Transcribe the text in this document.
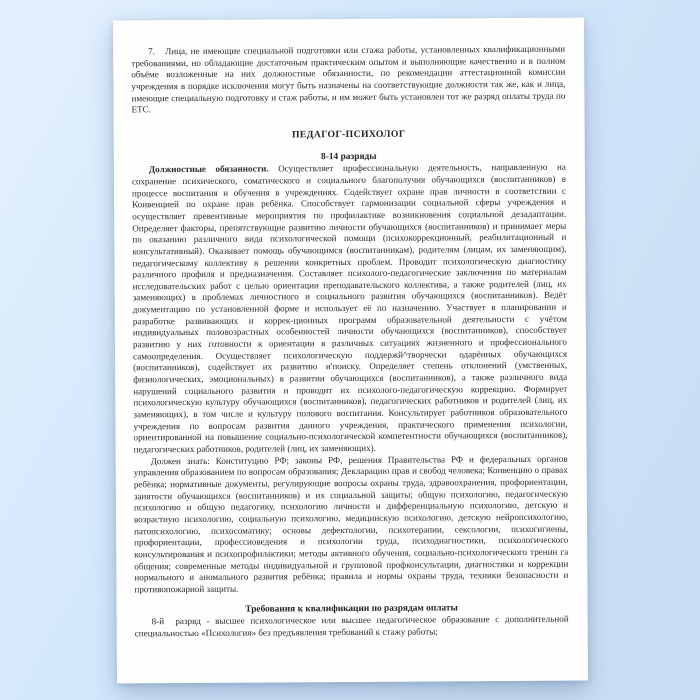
7.   Лица, не имеющие специальной подготовки или стажа работы, установленных квалификационными требованиями, но обладающие достаточным практическим опытом и выполняющие качественно и в полном объёме возложенные на них должностные обязанности, по рекомендации аттестационной комиссии учреждения в порядке исключения могут быть назначены на соответствующие должности так же, как и лица, имеющие специальную подготовку и стаж работы, и им может быть установлен тот же разряд оплаты труда по ЕТС.

ПЕДАГОГ-ПСИХОЛОГ
8-14 разряды

Должностные обязанности. Осуществляет профессиональную деятельность, направленную на сохранение психического, соматического и социального благополучия обучающихся (воспитанников) в процессе воспитания и обучения в учреждениях. Содействует охране прав личности в соответствии с Конвенцией по охране прав ребёнка. Способствует гармонизации социальной сферы учреждения и осуществляет превентивные мероприятия по профилактике возникновения социальной дезадаптации. Определяет факторы, препятствующие развитию личности обучающихся (воспитанников) и принимает меры по оказанию различного вида психологической помощи (психокоррекционный, реабилитационный и консультативный). Оказывает помощь обучающимся (воспитанникам), родителям (лицам, их заменяющим), педагогическому коллективу в решении конкретных проблем. Проводит психологическую диагностику различного профиля и предназначения. Составляет психолого-педагогические заключения по материалам исследовательских работ с целью ориентации преподавательского коллектива, а также родителей (лиц, их заменяющих) в проблемах личностного и социального развития обучающихся (воспитанников). Ведёт документацию по установленной форме и использует её по назначению. Участвует в планировании и разработке развивающих и коррек-ционных программ образовательной деятельности с учётом индивидуальных половозрастных особенностей личности обучающихся (воспитанников), способствует развитию у них готовности к ориентации в различных ситуациях жизненного и профессионального самоопределения. Осуществляет психологическую поддержй^творчески одарённых обучающихся (воспитанников), содействует их развитию и'поиску. Определяет степень отклонений (умственных, физиологических, эмоциональных) в развитии обучающихся (воспитанников), а также различного вида нарушений социального развития и проводит их психолого-педагогическую коррекцию. Формирует психологическую культуру обучающихся (воспитанников), педагогических работников и родителей (лиц, их заменяющих), в том числе и культуру полового воспитания. Консультирует работников образовательного учреждения по вопросам развития данного учреждения, практического применения психологии, ориентированной на повышение социально-психологической компетентности обучающихся (воспитанников), педагогических работников, родителей (лиц, их заменяющих).

Должен знать: Конституцию РФ; законы РФ, решения Правительства РФ и федеральных органов управления образованием по вопросам образования; Декларацию прав и свобод человека; Конвенцию о правах ребёнка; нормативные документы, регулирующие вопросы охраны труда, здравоохранения, профориентации, занятости обучающихся (воспитанников) и их социальной защиты; общую психологию, педагогическую психологию и общую педагогику, психологию личности и дифференциальную психологию, детскую и возрастную психологию, социальную психологию, медицинскую психологию, детскую нейропсихологию, патопсихологию, психосоматику; основы дефектологии, психотерапии, сексологии, психогигиены, профориентации, профессиоведения и психологии труда, психодиагностики, психологического консультирования и психопрофилактики; методы активного обучения, социально-психологического тренин га общения; современные методы индивидуальной и групповой профконсультации, диагностики и коррекции нормального и аномального развития ребёнка; правила и нормы охраны труда, техники безопасности и противопожарной защиты.

Требования к квалификации по разрядам оплаты

8-й  разряд - высшее психологическое или высшее педагогическое образование с дополнительной специальностью «Психология» без предъявления требований к стажу работы;
